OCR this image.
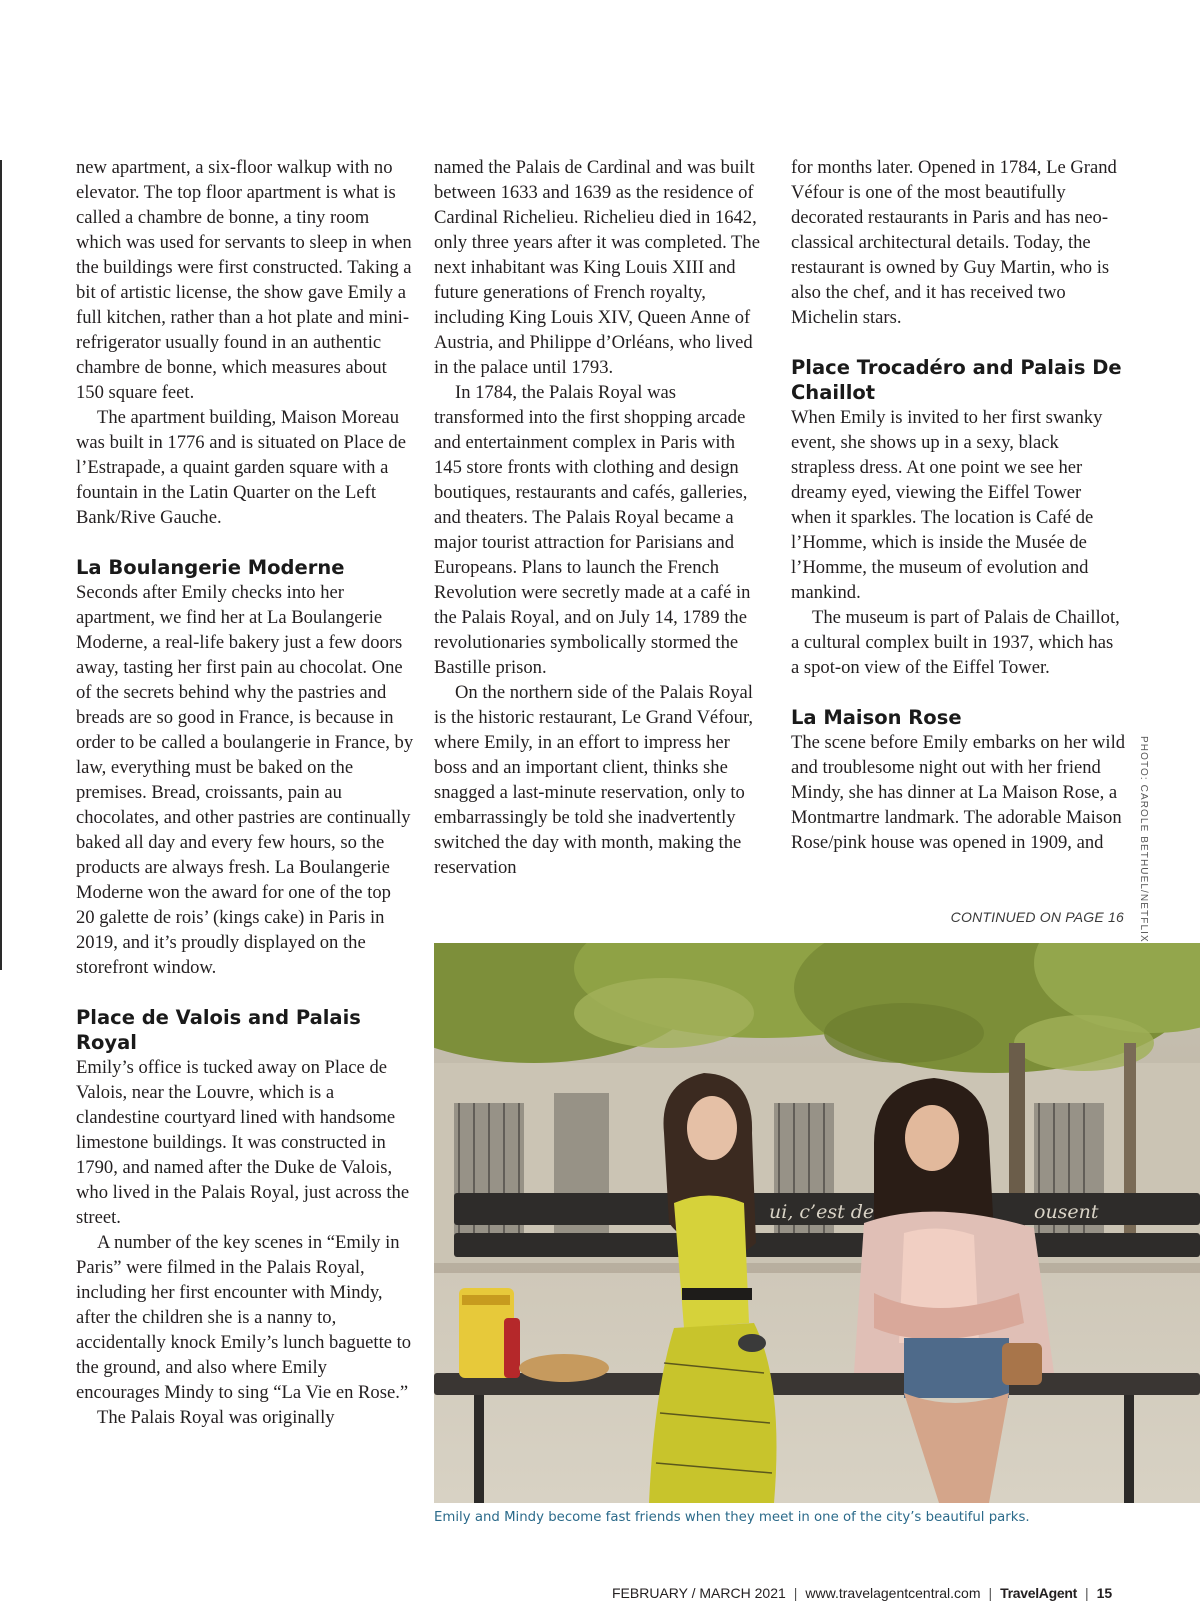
new apartment, a six-floor walkup with no elevator. The top floor apartment is what is called a chambre de bonne, a tiny room which was used for servants to sleep in when the buildings were first constructed. Taking a bit of artistic license, the show gave Emily a full kitchen, rather than a hot plate and mini-refrigerator usually found in an authentic chambre de bonne, which measures about 150 square feet.

The apartment building, Maison Moreau was built in 1776 and is situated on Place de l’Estrapade, a quaint garden square with a fountain in the Latin Quarter on the Left Bank/Rive Gauche.

La Boulangerie Moderne

Seconds after Emily checks into her apartment, we find her at La Boulangerie Moderne, a real-life bakery just a few doors away, tasting her first pain au chocolat. One of the secrets behind why the pastries and breads are so good in France, is because in order to be called a boulangerie in France, by law, everything must be baked on the premises. Bread, croissants, pain au chocolates, and other pastries are continually baked all day and every few hours, so the products are always fresh. La Boulangerie Moderne won the award for one of the top 20 galette de rois’ (kings cake) in Paris in 2019, and it’s proudly displayed on the storefront window.

Place de Valois and Palais Royal

Emily’s office is tucked away on Place de Valois, near the Louvre, which is a clandestine courtyard lined with handsome limestone buildings. It was constructed in 1790, and named after the Duke de Valois, who lived in the Palais Royal, just across the street.

A number of the key scenes in “Emily in Paris” were filmed in the Palais Royal, including her first encounter with Mindy, after the children she is a nanny to, accidentally knock Emily’s lunch baguette to the ground, and also where Emily encourages Mindy to sing “La Vie en Rose.”

The Palais Royal was originally

named the Palais de Cardinal and was built between 1633 and 1639 as the residence of Cardinal Richelieu. Richelieu died in 1642, only three years after it was completed. The next inhabitant was King Louis XIII and future generations of French royalty, including King Louis XIV, Queen Anne of Austria, and Philippe d’Orléans, who lived in the palace until 1793.

In 1784, the Palais Royal was transformed into the first shopping arcade and entertainment complex in Paris with 145 store fronts with clothing and design boutiques, restaurants and cafés, galleries, and theaters. The Palais Royal became a major tourist attraction for Parisians and Europeans. Plans to launch the French Revolution were secretly made at a café in the Palais Royal, and on July 14, 1789 the revolutionaries symbolically stormed the Bastille prison.

On the northern side of the Palais Royal is the historic restaurant, Le Grand Véfour, where Emily, in an effort to impress her boss and an important client, thinks she snagged a last-minute reservation, only to embarrassingly be told she inadvertently switched the day with month, making the reservation

for months later. Opened in 1784, Le Grand Véfour is one of the most beautifully decorated restaurants in Paris and has neo-classical architectural details. Today, the restaurant is owned by Guy Martin, who is also the chef, and it has received two Michelin stars.

Place Trocadéro and Palais De Chaillot

When Emily is invited to her first swanky event, she shows up in a sexy, black strapless dress. At one point we see her dreamy eyed, viewing the Eiffel Tower when it sparkles. The location is Café de l’Homme, which is inside the Musée de l’Homme, the museum of evolution and mankind.

The museum is part of Palais de Chaillot, a cultural complex built in 1937, which has a spot-on view of the Eiffel Tower.

La Maison Rose

The scene before Emily embarks on her wild and troublesome night out with her friend Mindy, she has dinner at La Maison Rose, a Montmartre landmark. The adorable Maison Rose/pink house was opened in 1909, and

CONTINUED ON PAGE 16	PHOTO: CAROLE BETHUEL/NETFLIX
ui, c’est de	ousent
Emily and Mindy become fast friends when they meet in one of the city’s beautiful parks.
FEBRUARY / MARCH 2021 | www.travelagentcentral.com | TravelAgent | 15
